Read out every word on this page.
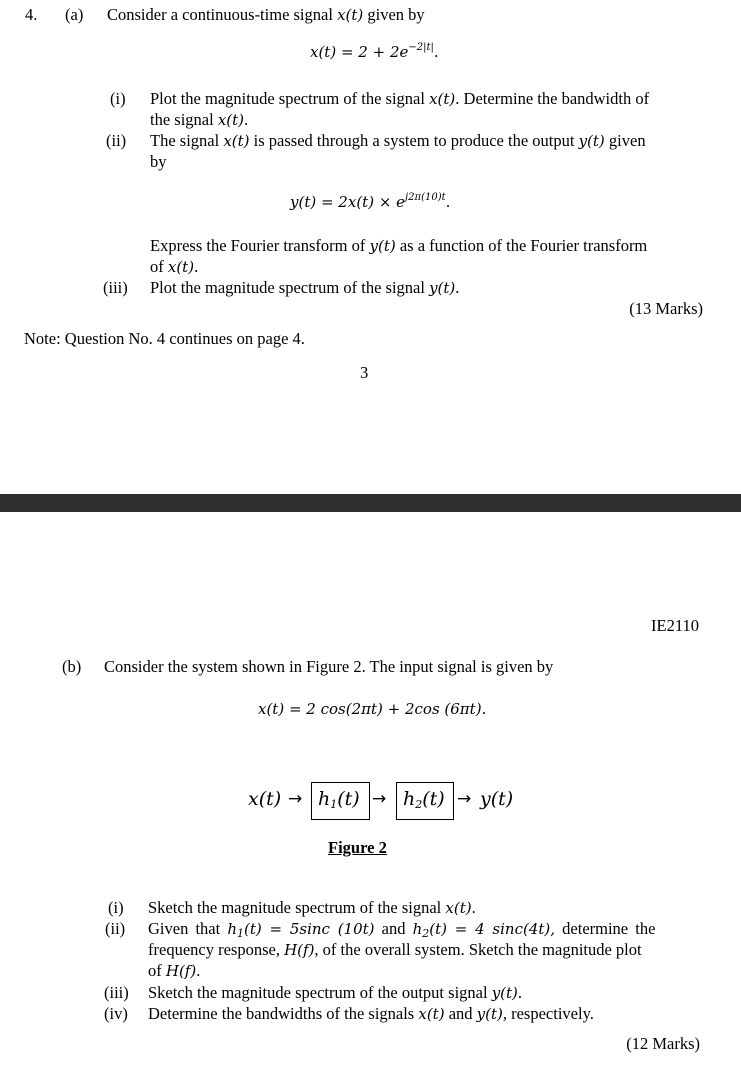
4. (a) Consider a continuous-time signal x(t) given by
$x(t) = 2 + 2e^{-2|t|}$.
(i) Plot the magnitude spectrum of the signal x(t). Determine the bandwidth of
the signal x(t).
(ii) The signal x(t) is passed through a system to produce the output y(t) given
by
$y(t) = 2x(t) \times e^{j2\pi(10)t}$.
Express the Fourier transform of y(t) as a function of the Fourier transform
of x(t).
(iii) Plot the magnitude spectrum of the signal y(t).
(13 Marks)
Note: Question No. 4 continues on page 4.
3
IE2110
(b) Consider the system shown in Figure 2. The input signal is given by
x(t) = 2 cos(2πt) + 2cos (6πt).
$x(t) \to h_1(t) \to h_2(t) \to y(t)$
Figure 2
(i) Sketch the magnitude spectrum of the signal x(t).
(ii) Given that $h_1(t) = 5\sin c$ (10t) and $h_2(t) = 4$ sinc(4t), determine the
frequency response, H(f), of the overall system. Sketch the magnitude plot
of H(f).
(iii) Sketch the magnitude spectrum of the output signal y(t).
(iv) Determine the bandwidths of the signals x(t) and y(t), respectively.
(12 Marks)
